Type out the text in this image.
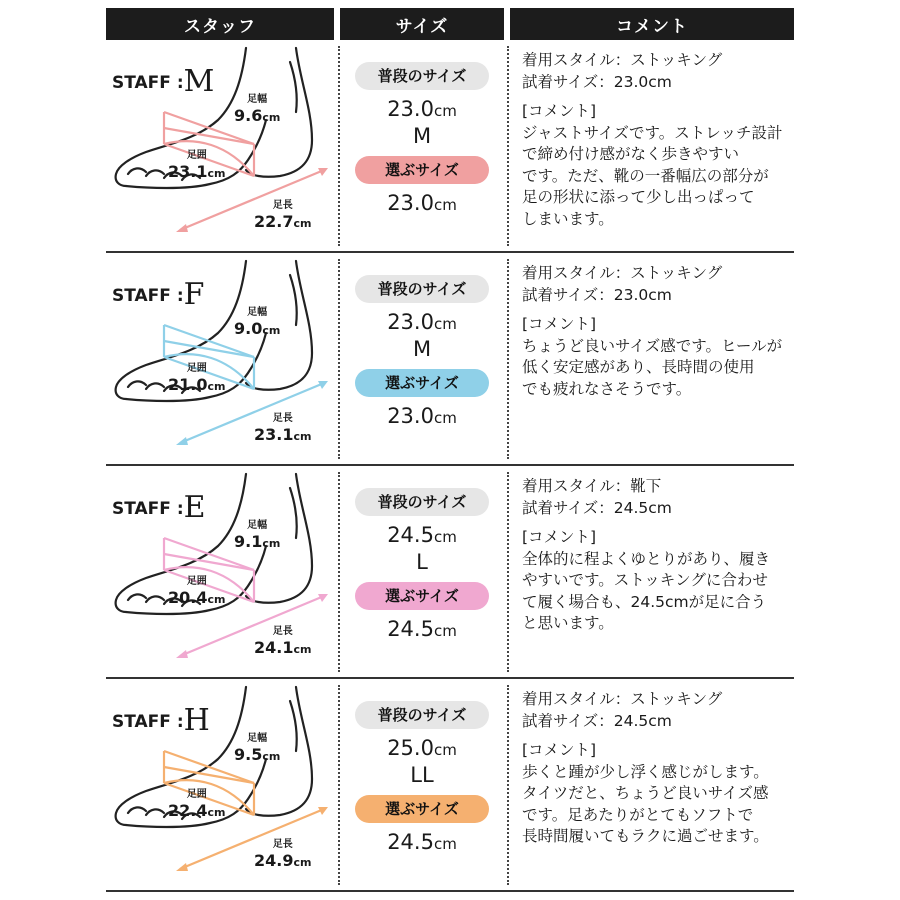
スタッフ	サイズ	コメント
STAFF :M
足幅
9.6cm
足囲
23.1cm
足長
22.7cm
普段のサイズ
23.0cm
M
選ぶサイズ
23.0cm

着用スタイル：ストッキング

試着サイズ：23.0cm

[コメント]

ジャストサイズです。ストレッチ設計

で締め付け感がなく歩きやすい

です。ただ、靴の一番幅広の部分が

足の形状に添って少し出っぱって

しまいます。

STAFF :F
足幅
9.0cm
足囲
21.0cm
足長
23.1cm
普段のサイズ
23.0cm
M
選ぶサイズ
23.0cm

着用スタイル：ストッキング

試着サイズ：23.0cm

[コメント]

ちょうど良いサイズ感です。ヒールが

低く安定感があり、長時間の使用

でも疲れなさそうです。

STAFF :E
足幅
9.1cm
足囲
20.4cm
足長
24.1cm
普段のサイズ
24.5cm
L
選ぶサイズ
24.5cm

着用スタイル：靴下

試着サイズ：24.5cm

[コメント]

全体的に程よくゆとりがあり、履き

やすいです。ストッキングに合わせ

て履く場合も、24.5cmが足に合う

と思います。

STAFF :H
足幅
9.5cm
足囲
22.4cm
足長
24.9cm
普段のサイズ
25.0cm
LL
選ぶサイズ
24.5cm

着用スタイル：ストッキング

試着サイズ：24.5cm

[コメント]

歩くと踵が少し浮く感じがします。

タイツだと、ちょうど良いサイズ感

です。足あたりがとてもソフトで

長時間履いてもラクに過ごせます。
